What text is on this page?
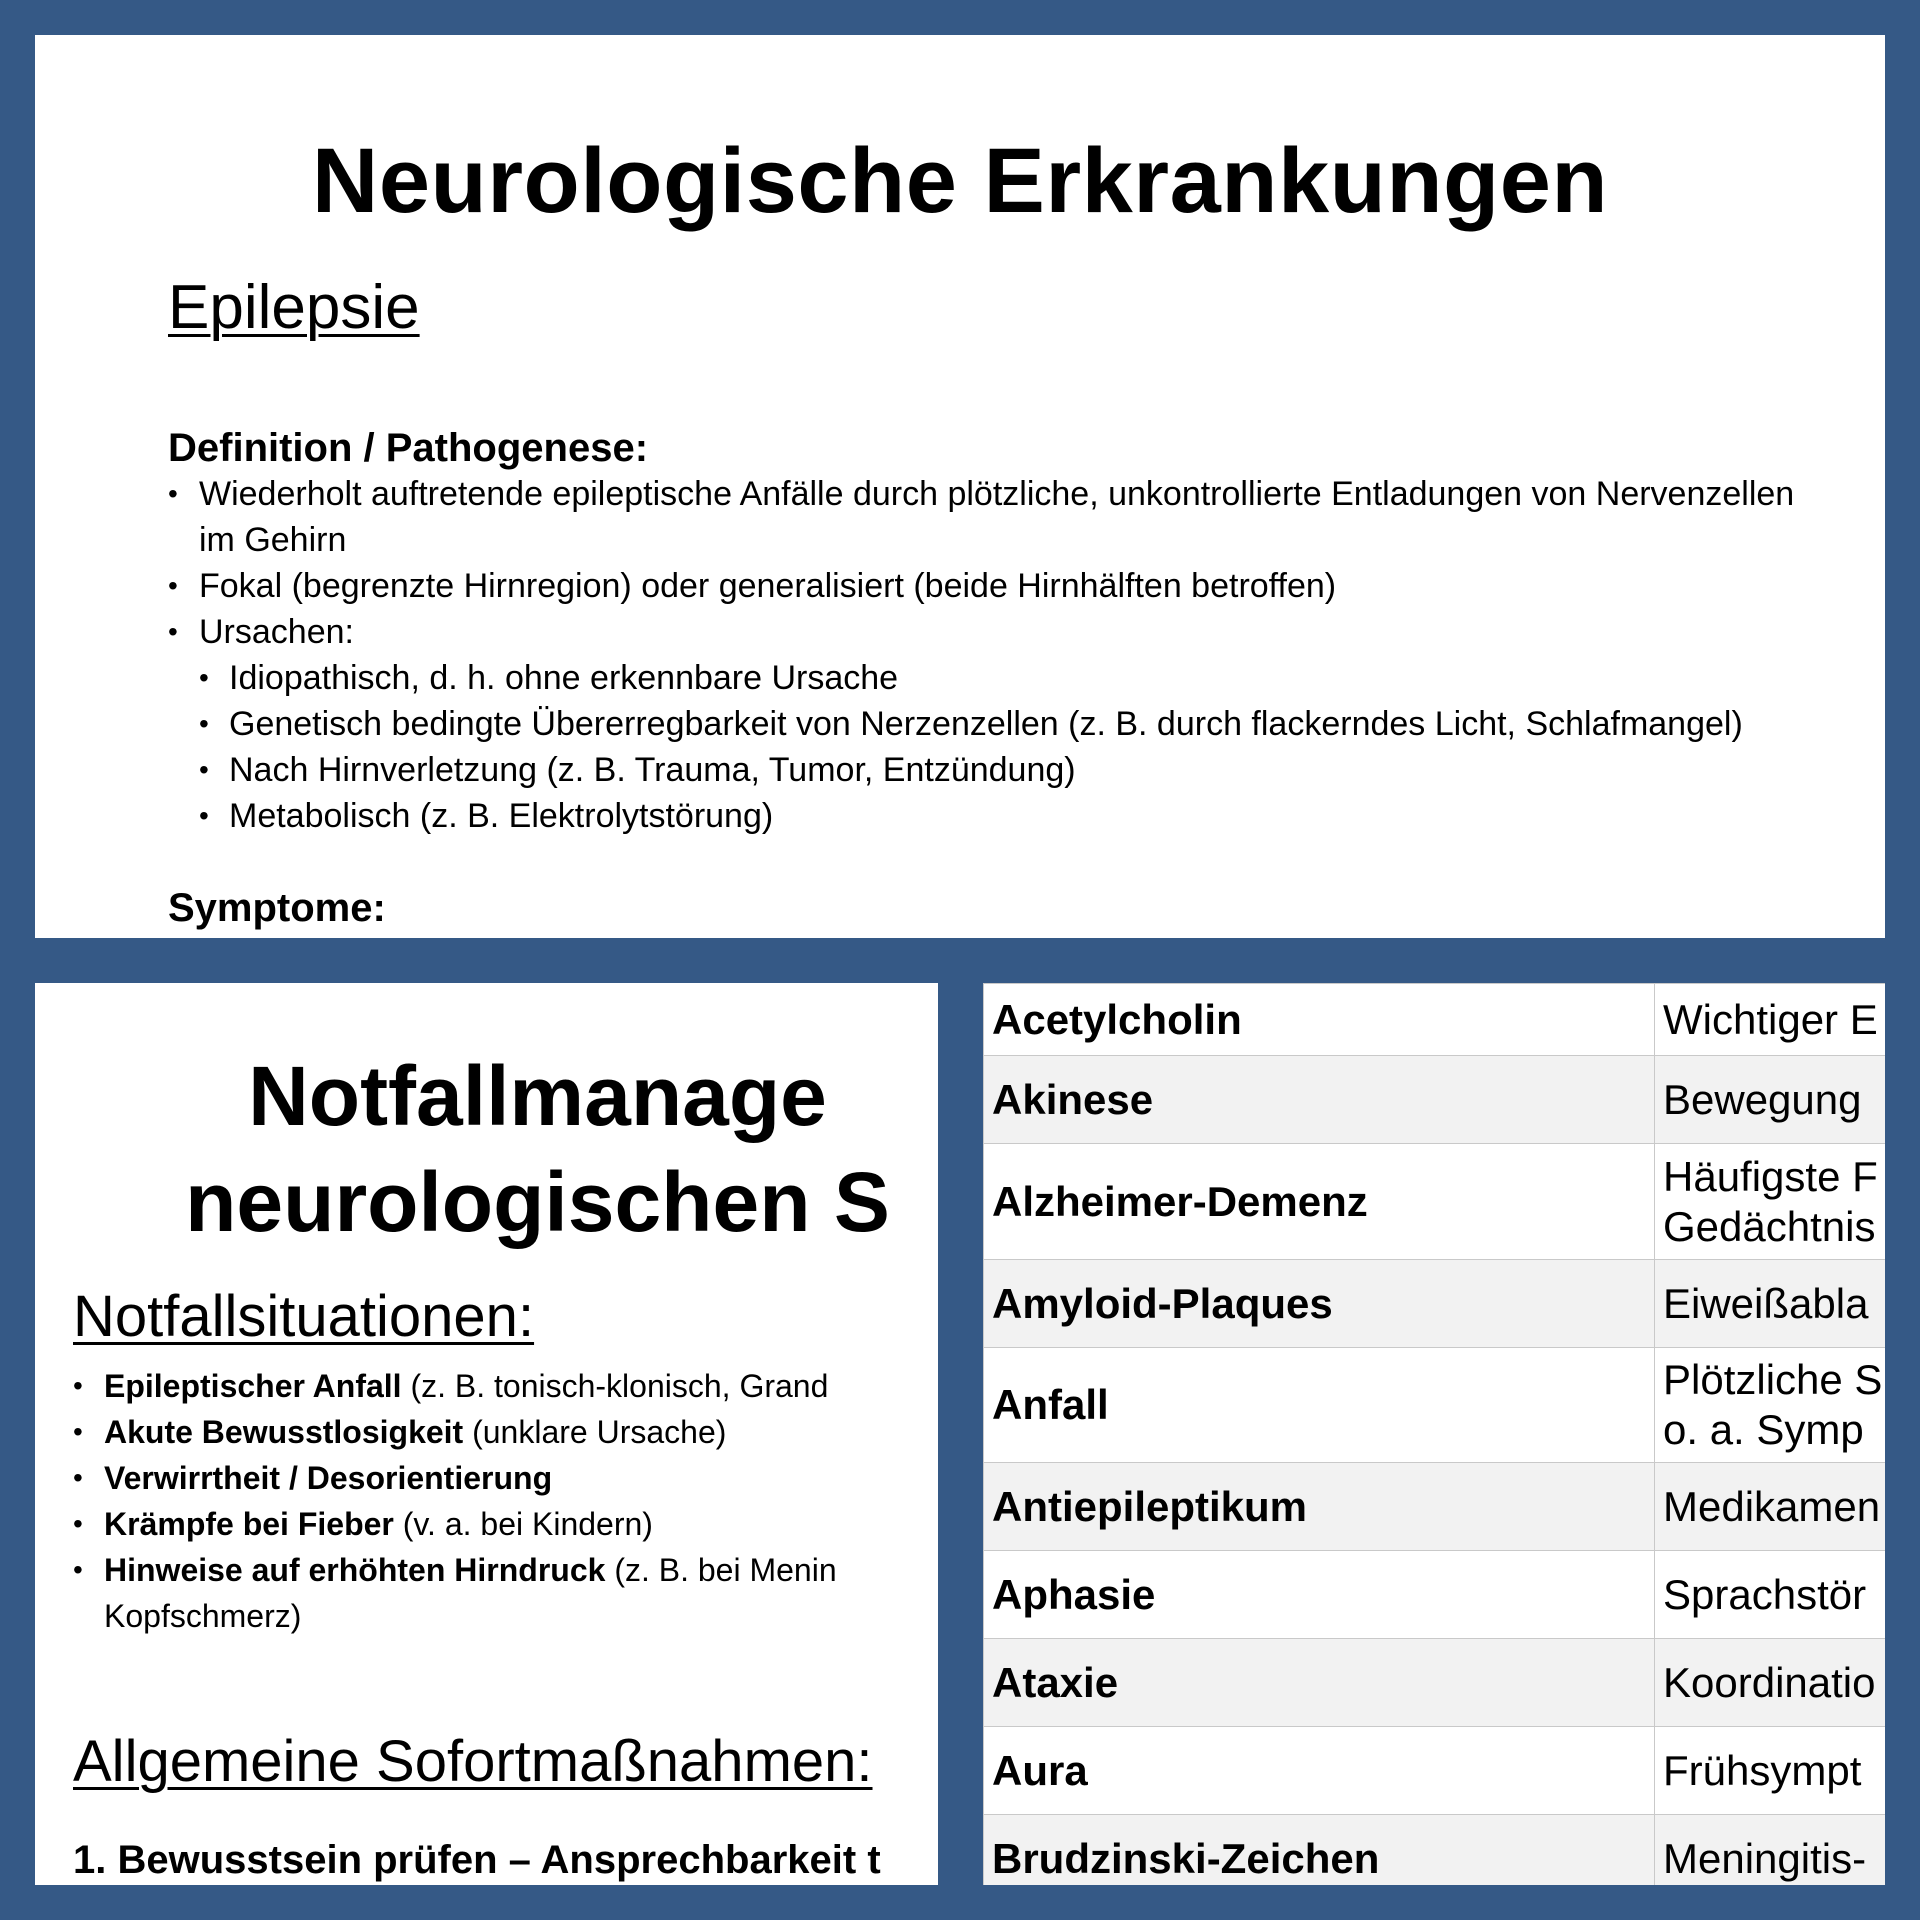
Neurologische Erkrankungen
Epilepsie
Definition / Pathogenese:
• Wiederholt auftretende epileptische Anfälle durch plötzliche, unkontrollierte Entladungen von Nervenzellen im Gehirn
• Fokal (begrenzte Hirnregion) oder generalisiert (beide Hirnhälften betroffen)
• Ursachen:
• Idiopathisch, d. h. ohne erkennbare Ursache
• Genetisch bedingte Übererregbarkeit von Nerzenzellen (z. B. durch flackerndes Licht, Schlafmangel)
• Nach Hirnverletzung (z. B. Trauma, Tumor, Entzündung)
• Metabolisch (z. B. Elektrolytstörung)
Symptome:
Notfallmanage
neurologischen S
Notfallsituationen:
• Epileptischer Anfall (z. B. tonisch-klonisch, Grand
• Akute Bewusstlosigkeit (unklare Ursache)
• Verwirrtheit / Desorientierung
• Krämpfe bei Fieber (v. a. bei Kindern)
• Hinweise auf erhöhten Hirndruck (z. B. bei Menin
Kopfschmerz)
Allgemeine Sofortmaßnahmen:
1. Bewusstsein prüfen – Ansprechbarkeit t
Acetylcholin	Wichtiger E
Akinese	Bewegung
Alzheimer-Demenz	Häufigste F
Gedächtnis
Amyloid-Plaques	Eiweißabla
Anfall	Plötzliche S
o. a. Symp
Antiepileptikum	Medikamen
Aphasie	Sprachstör
Ataxie	Koordinatio
Aura	Frühsympt
Brudzinski-Zeichen	Meningitis-
